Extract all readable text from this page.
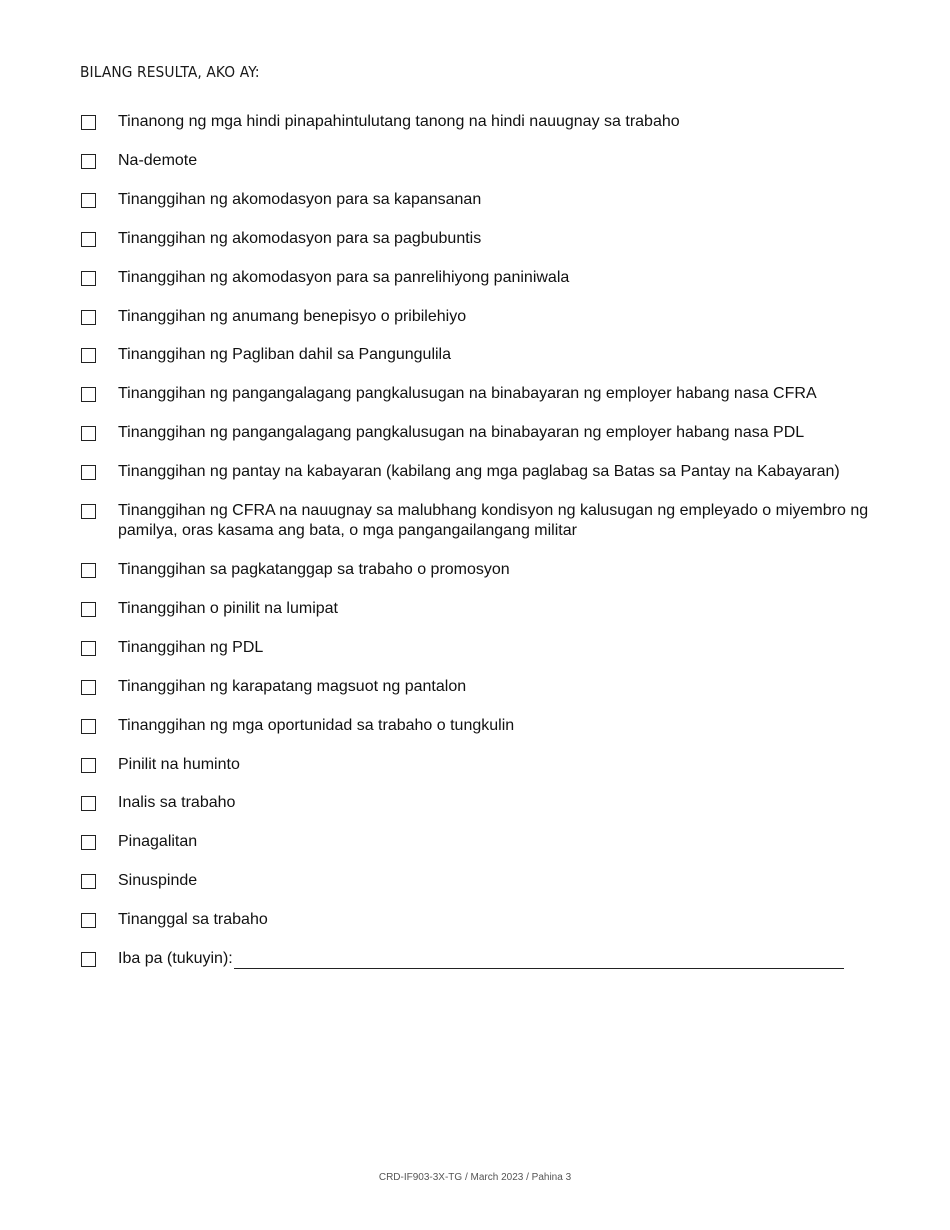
BILANG RESULTA, AKO AY:
Tinanong ng mga hindi pinapahintulutang tanong na hindi nauugnay sa trabaho
Na-demote
Tinanggihan ng akomodasyon para sa kapansanan
Tinanggihan ng akomodasyon para sa pagbubuntis
Tinanggihan ng akomodasyon para sa panrelihiyong paniniwala
Tinanggihan ng anumang benepisyo o pribilehiyo
Tinanggihan ng Pagliban dahil sa Pangungulila
Tinanggihan ng pangangalagang pangkalusugan na binabayaran ng employer habang nasa CFRA
Tinanggihan ng pangangalagang pangkalusugan na binabayaran ng employer habang nasa PDL
Tinanggihan ng pantay na kabayaran (kabilang ang mga paglabag sa Batas sa Pantay na Kabayaran)
Tinanggihan ng CFRA na nauugnay sa malubhang kondisyon ng kalusugan ng empleyado o miyembro ng pamilya, oras kasama ang bata, o mga pangangailangang militar
Tinanggihan sa pagkatanggap sa trabaho o promosyon
Tinanggihan o pinilit na lumipat
Tinanggihan ng PDL
Tinanggihan ng karapatang magsuot ng pantalon
Tinanggihan ng mga oportunidad sa trabaho o tungkulin
Pinilit na huminto
Inalis sa trabaho
Pinagalitan
Sinuspinde
Tinanggal sa trabaho
Iba pa (tukuyin):
CRD-IF903-3X-TG / March 2023 / Pahina 3
